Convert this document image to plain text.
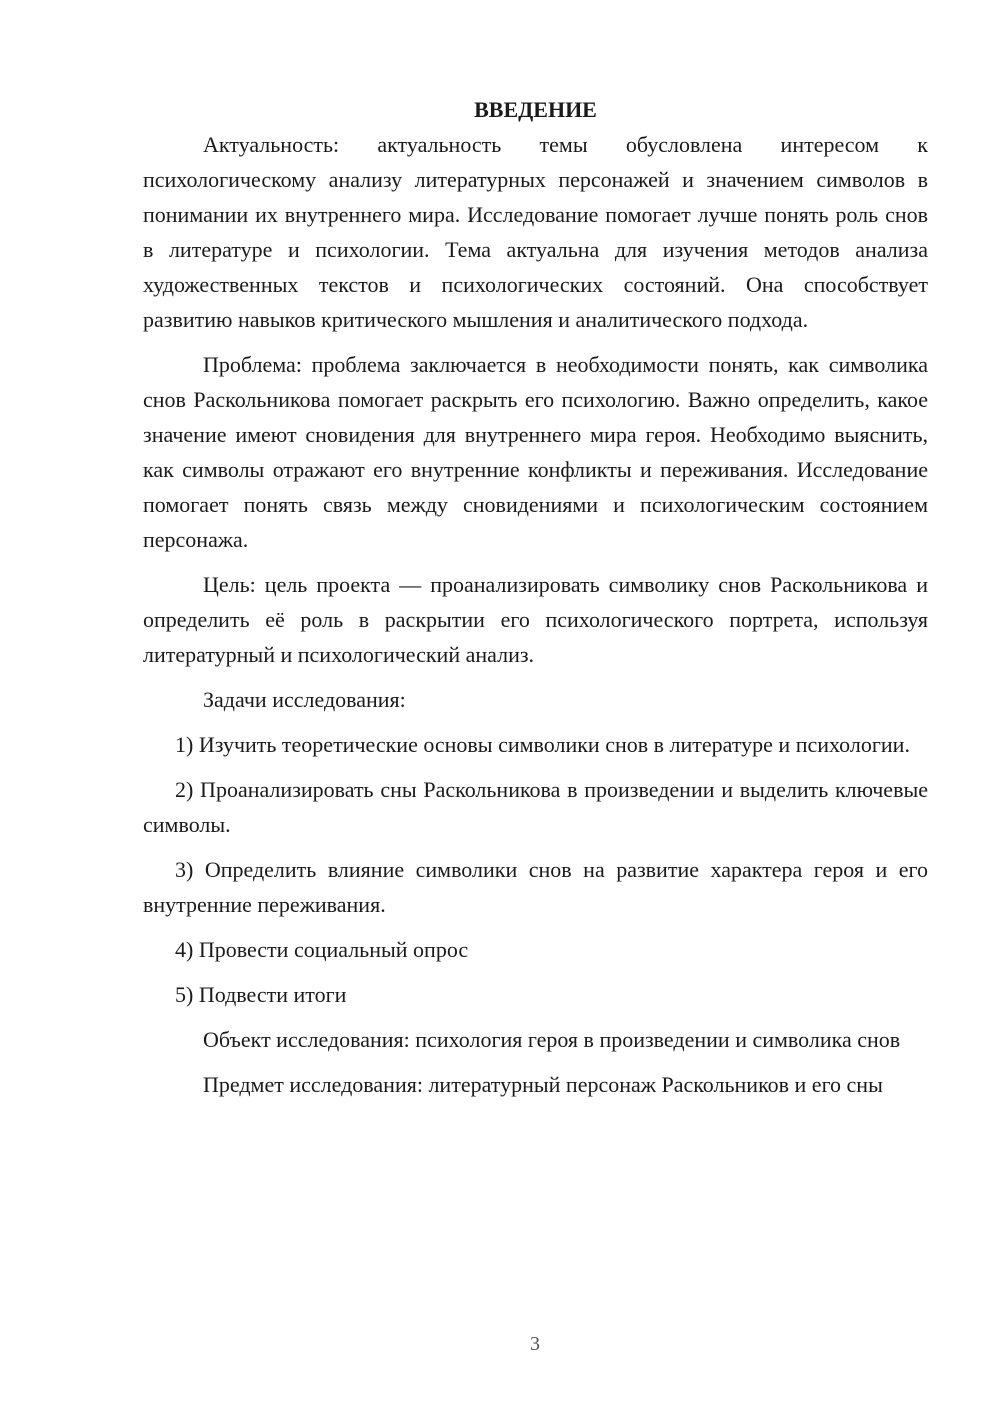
ВВЕДЕНИЕ

Актуальность: актуальность темы обусловлена интересом к психологическому анализу литературных персонажей и значением символов в понимании их внутреннего мира. Исследование помогает лучше понять роль снов в литературе и психологии. Тема актуальна для изучения методов анализа художественных текстов и психологических состояний. Она способствует развитию навыков критического мышления и аналитического подхода.

Проблема: проблема заключается в необходимости понять, как символика снов Раскольникова помогает раскрыть его психологию. Важно определить, какое значение имеют сновидения для внутреннего мира героя. Необходимо выяснить, как символы отражают его внутренние конфликты и переживания. Исследование помогает понять связь между сновидениями и психологическим состоянием персонажа.

Цель: цель проекта — проанализировать символику снов Раскольникова и определить её роль в раскрытии его психологического портрета, используя литературный и психологический анализ.

Задачи исследования:

1) Изучить теоретические основы символики снов в литературе и психологии.

2) Проанализировать сны Раскольникова в произведении и выделить ключевые символы.

3) Определить влияние символики снов на развитие характера героя и его внутренние переживания.

4) Провести социальный опрос

5) Подвести итоги

Объект исследования: психология героя в произведении и символика снов

Предмет исследования: литературный персонаж Раскольников и его сны

3
